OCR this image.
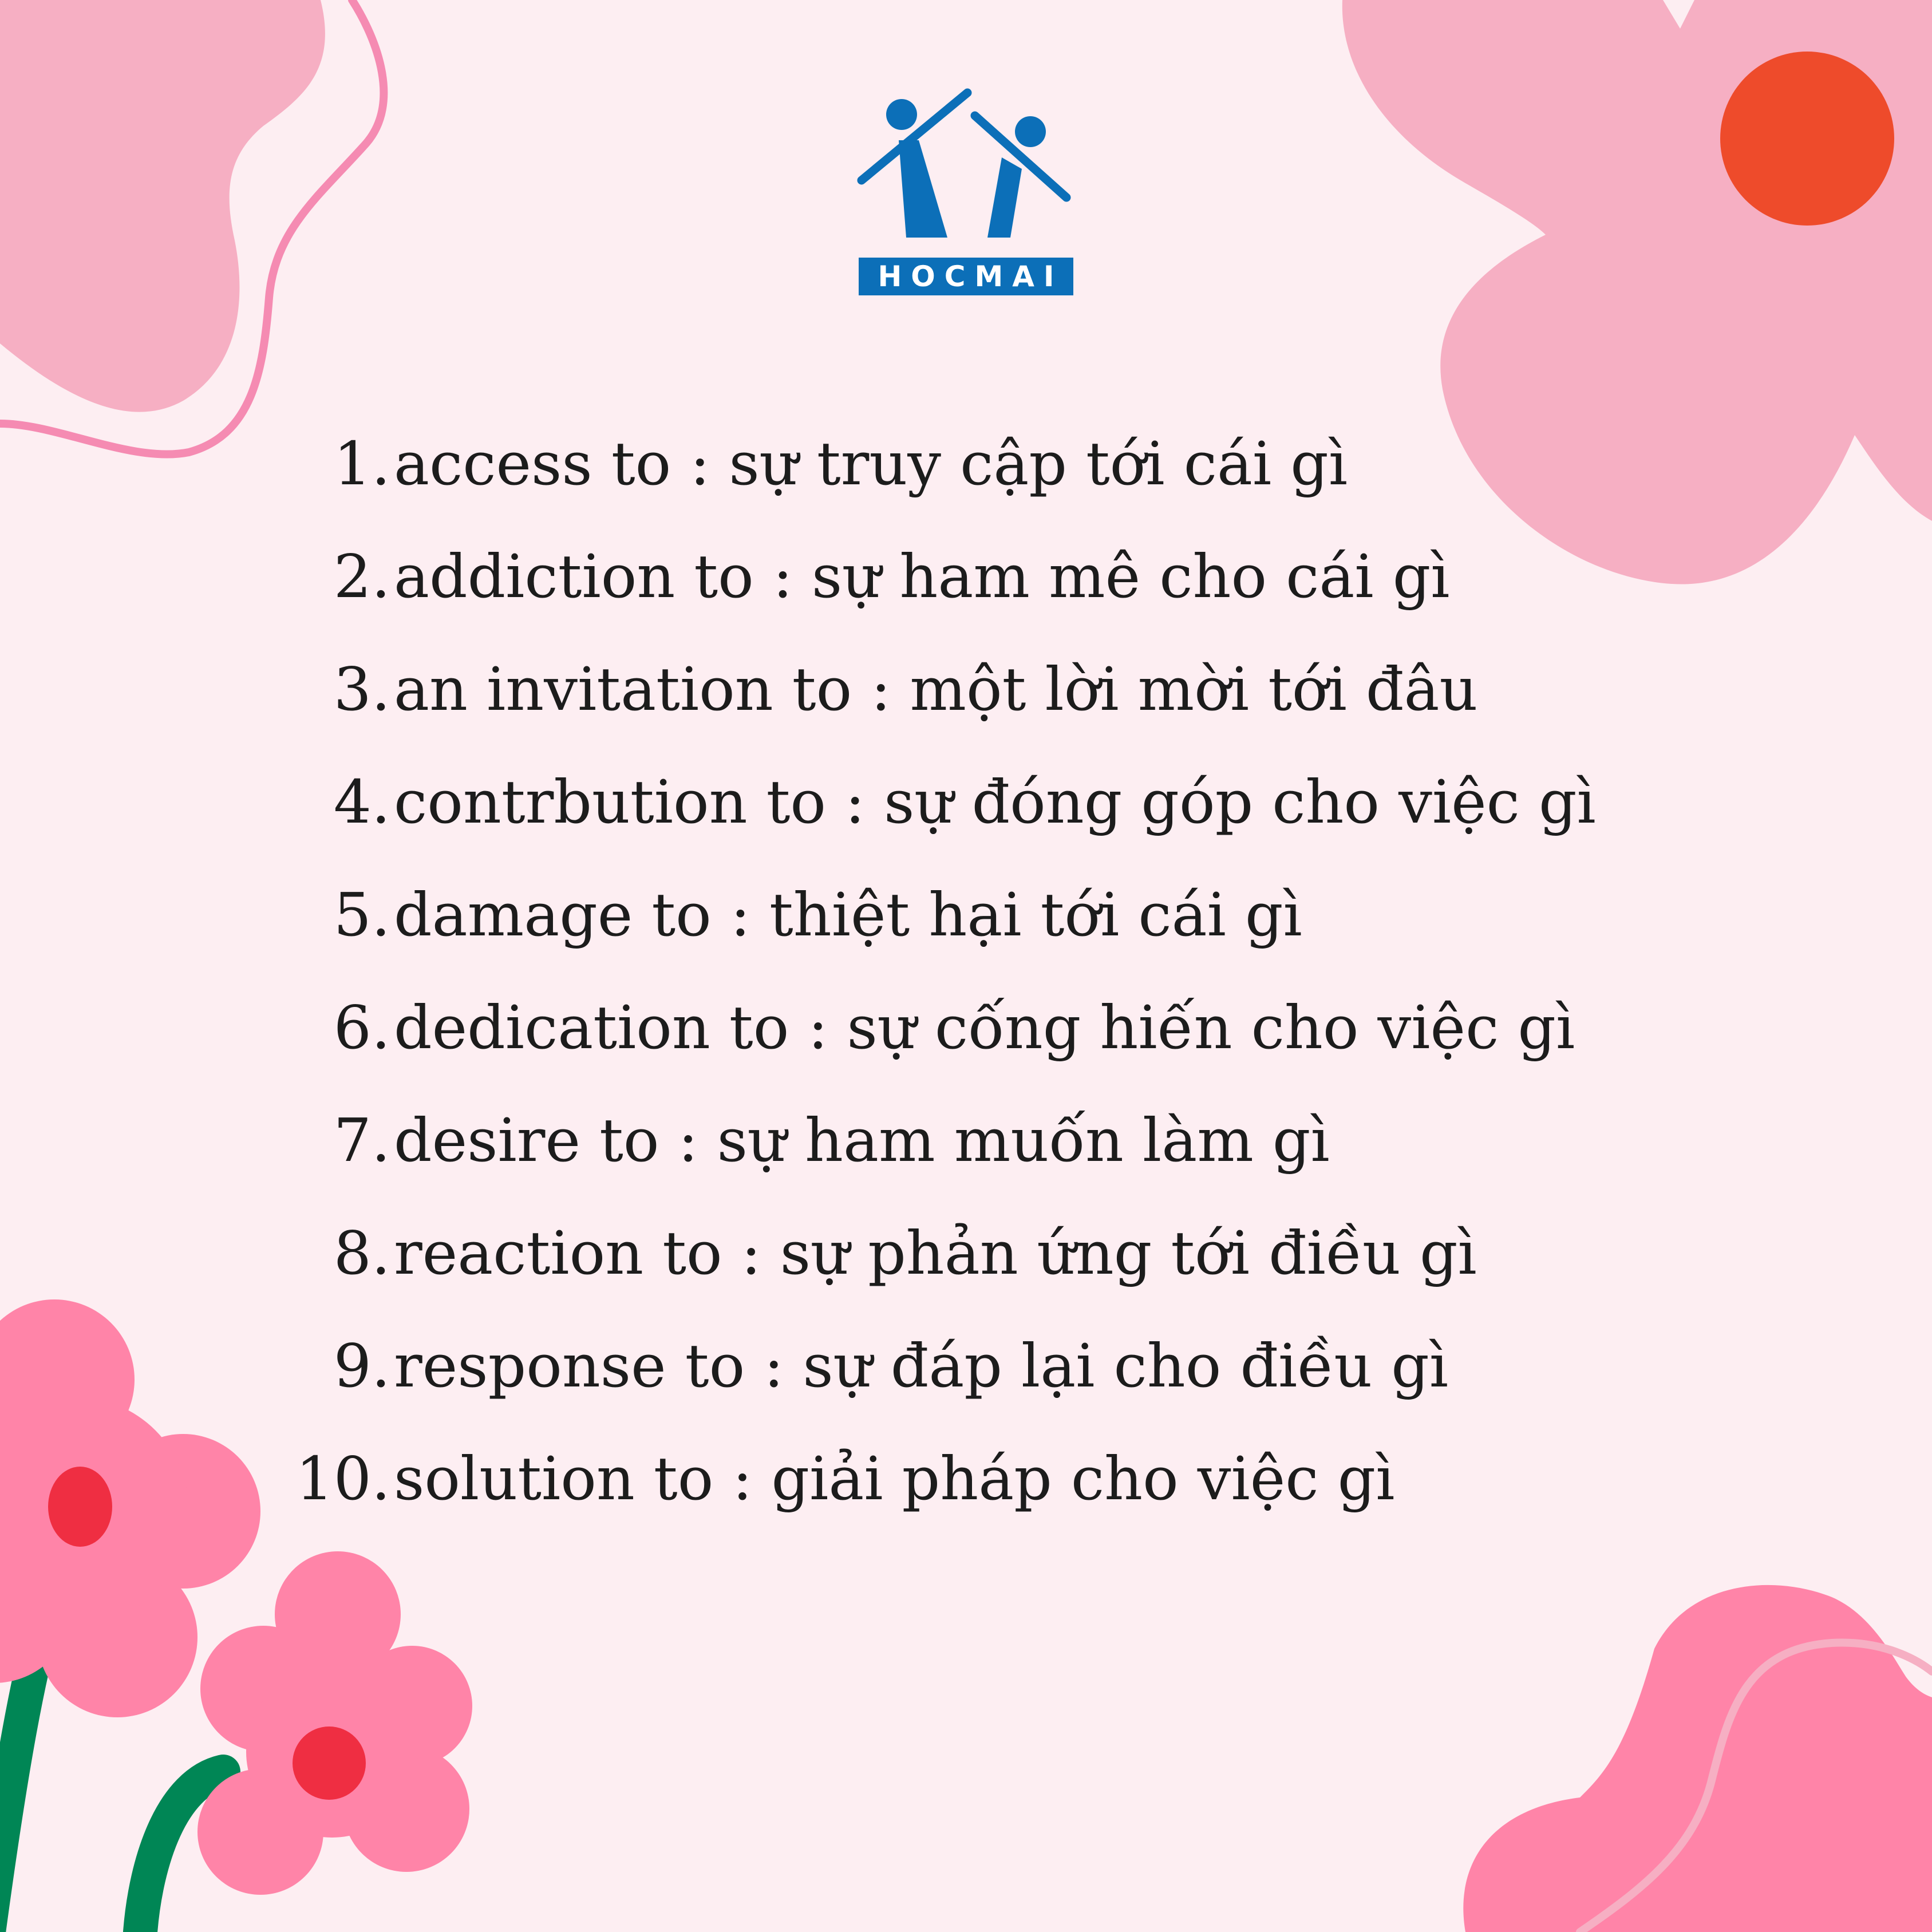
HOCMAI
1. access to : sự truy cập tới cái gì
2. addiction to : sự ham mê cho cái gì
3. an invitation to : một lời mời tới đâu
4. contrbution to : sự đóng góp cho việc gì
5. damage to : thiệt hại tới cái gì
6. dedication to : sự cống hiến cho việc gì
7. desire to : sự ham muốn làm gì
8. reaction to : sự phản ứng tới điều gì
9. response to : sự đáp lại cho điều gì
10. solution to : giải pháp cho việc gì
